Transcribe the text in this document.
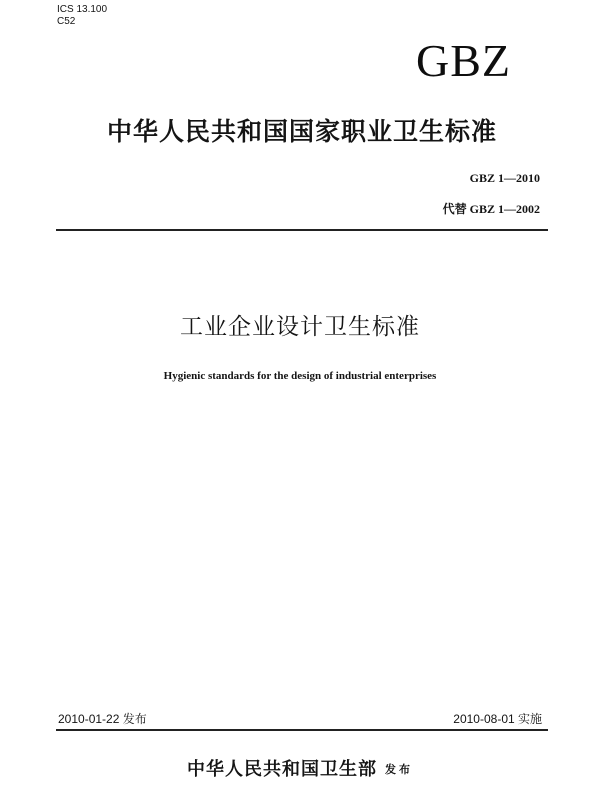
ICS 13.100
C52
GBZ
中华人民共和国国家职业卫生标准
GBZ 1—2010
代替 GBZ 1—2002
工业企业设计卫生标准
Hygienic standards for the design of industrial enterprises
2010-01-22 发布	2010-08-01 实施
中华人民共和国卫生部 发布
